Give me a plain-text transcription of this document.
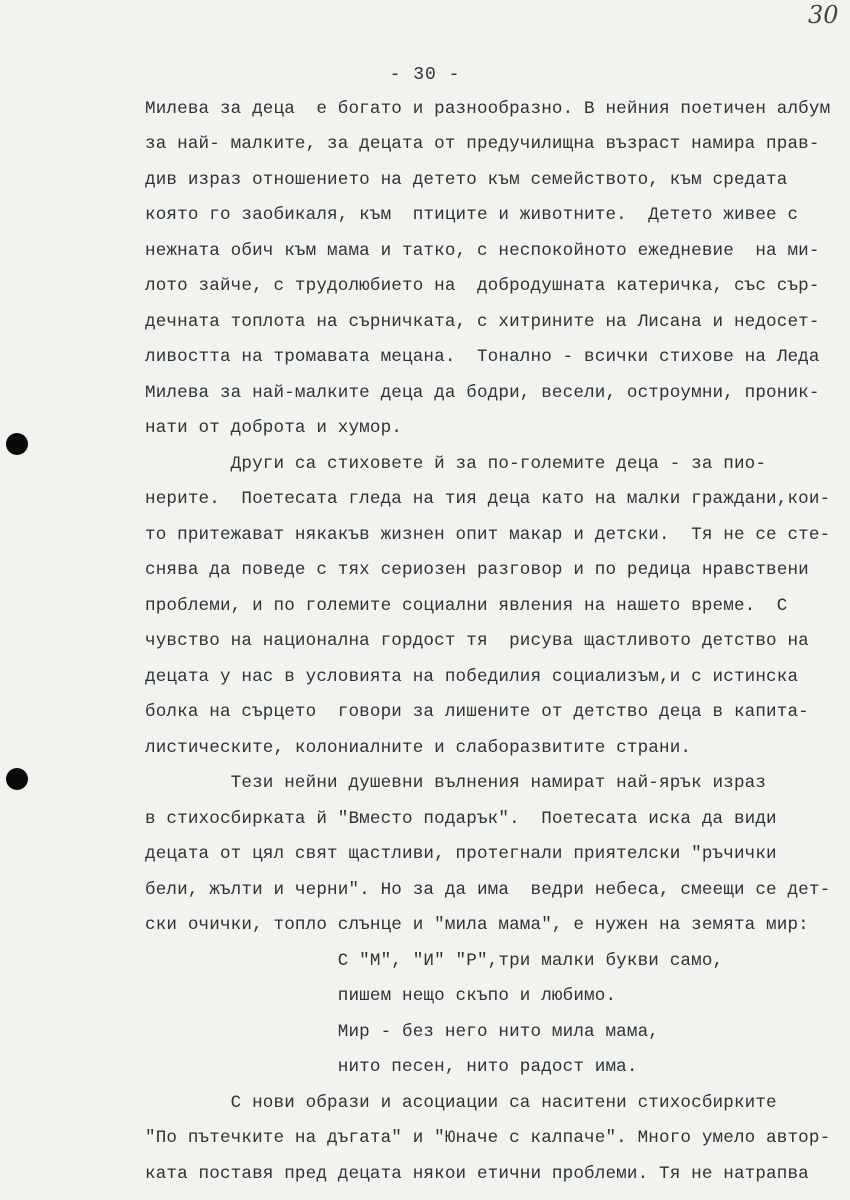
30
- 30 -
Милева за деца  е богато и разнообразно. В нейния поетичен албум
за най- малките, за децата от предучилищна възраст намира прав-
див израз отношението на детето към семейството, към средата
която го заобикаля, към  птиците и животните.  Детето живее с
нежната обич към мама и татко, с неспокойното ежедневие  на ми-
лото зайче, с трудолюбието на  добродушната катеричка, със сър-
дечната топлота на сърничката, с хитрините на Лисана и недосет-
ливостта на тромавата мецана.  Тонално - всички стихове на Леда
Милева за най-малките деца да бодри, весели, остроумни, проник-
нати от доброта и хумор.
Други са стиховете й за по-големите деца - за пио-
нерите.  Поетесата гледа на тия деца като на малки граждани,кои-
то притежават някакъв жизнен опит макар и детски.  Тя не се сте-
снява да поведе с тях сериозен разговор и по редица нравствени
проблеми, и по големите социални явления на нашето време.  С
чувство на национална гордост тя  рисува щастливото детство на
децата у нас в условията на победилия социализъм,и с истинска
болка на сърцето  говори за лишените от детство деца в капита-
листическите, колониалните и слаборазвитите страни.
Тези нейни душевни вълнения намират най-ярък израз
в стихосбирката й "Вместо подарък".  Поетесата иска да види
децата от цял свят щастливи, протегнали приятелски "ръчички
бели, жълти и черни". Но за да има  ведри небеса, смеещи се дет-
ски очички, топло слънце и "мила мама", е нужен на земята мир:
С "М", "И" "Р",три малки букви само,
пишем нещо скъпо и любимо.
Мир - без него нито мила мама,
нито песен, нито радост има.
С нови образи и асоциации са наситени стихосбирките
"По пътечките на дъгата" и "Юначе с калпаче". Много умело автор-
ката поставя пред децата някои етични проблеми. Тя не натрапва
